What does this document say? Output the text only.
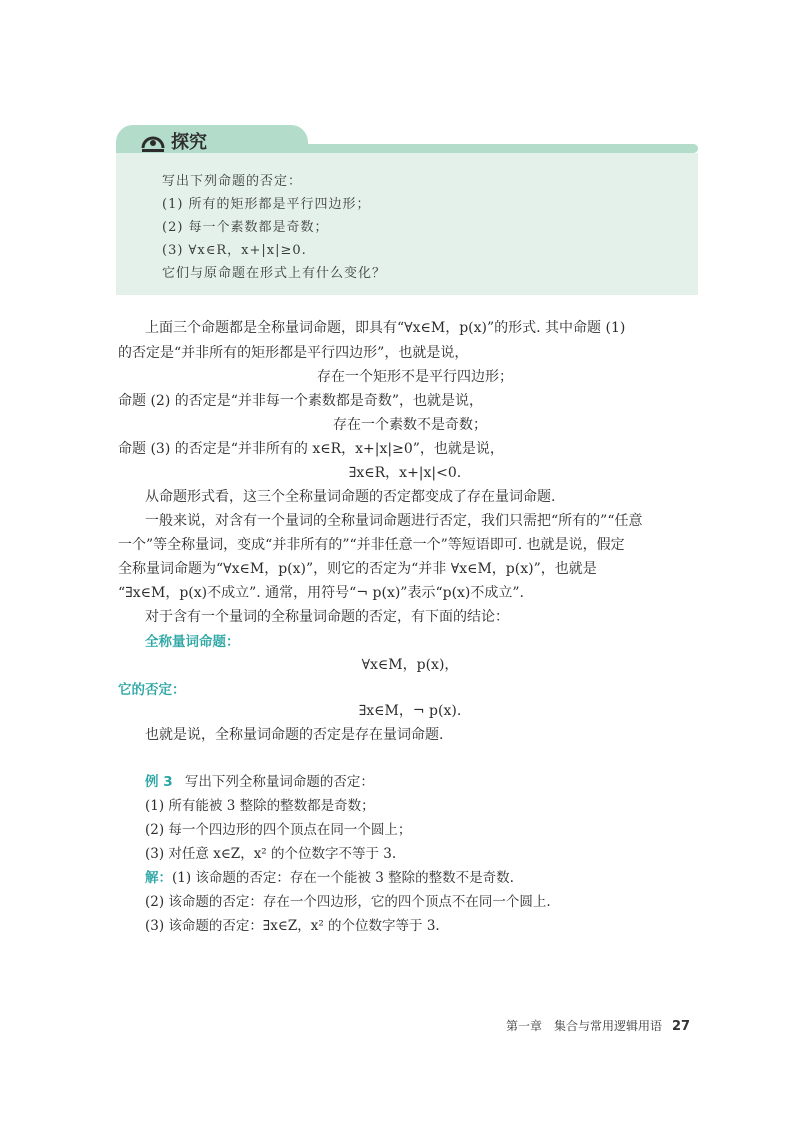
探究
写出下列命题的否定：
(1) 所有的矩形都是平行四边形；
(2) 每一个素数都是奇数；
(3) ∀x∈R，x+|x|≥0.
它们与原命题在形式上有什么变化？
上面三个命题都是全称量词命题，即具有“∀x∈M，p(x)”的形式. 其中命题 (1)
的否定是“并非所有的矩形都是平行四边形”，也就是说，
存在一个矩形不是平行四边形；
命题 (2) 的否定是“并非每一个素数都是奇数”，也就是说，
存在一个素数不是奇数；
命题 (3) 的否定是“并非所有的 x∈R，x+|x|≥0”，也就是说，
∃x∈R，x+|x|<0.
从命题形式看，这三个全称量词命题的否定都变成了存在量词命题.
一般来说，对含有一个量词的全称量词命题进行否定，我们只需把“所有的”“任意
一个”等全称量词，变成“并非所有的”“并非任意一个”等短语即可. 也就是说，假定
全称量词命题为“∀x∈M，p(x)”，则它的否定为“并非 ∀x∈M，p(x)”，也就是
“∃x∈M，p(x)不成立”. 通常，用符号“¬ p(x)”表示“p(x)不成立”.
对于含有一个量词的全称量词命题的否定，有下面的结论：
全称量词命题：
∀x∈M，p(x)，
它的否定：
∃x∈M，¬ p(x).
也就是说，全称量词命题的否定是存在量词命题.
例 3 写出下列全称量词命题的否定：
(1) 所有能被 3 整除的整数都是奇数；
(2) 每一个四边形的四个顶点在同一个圆上；
(3) 对任意 x∈Z，x² 的个位数字不等于 3.
解：(1) 该命题的否定：存在一个能被 3 整除的整数不是奇数.
(2) 该命题的否定：存在一个四边形，它的四个顶点不在同一个圆上.
(3) 该命题的否定：∃x∈Z，x² 的个位数字等于 3.
第一章　集合与常用逻辑用语 27
